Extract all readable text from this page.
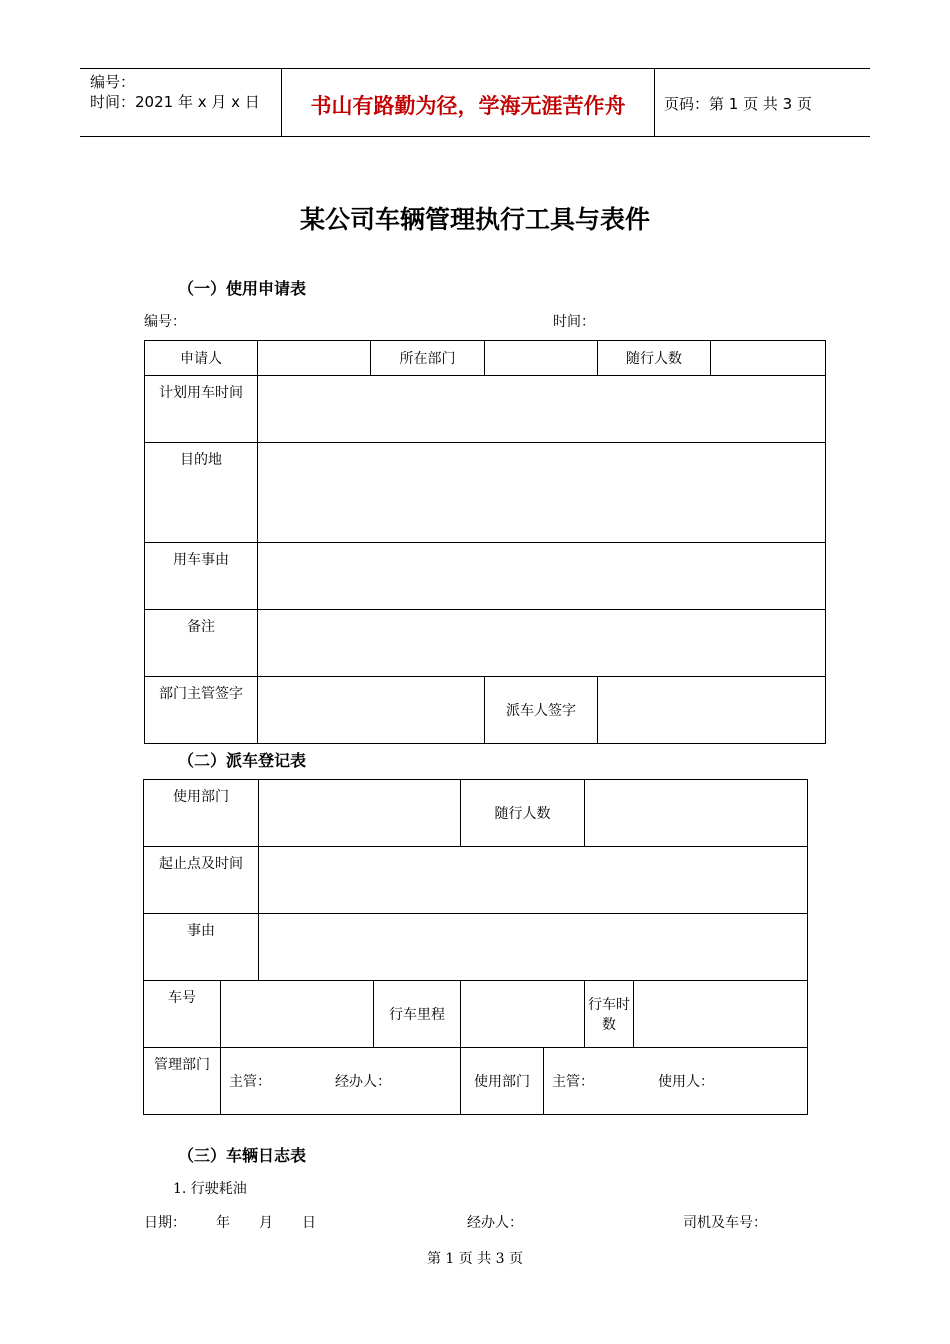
编号：
时间：2021 年 x 月 x 日	书山有路勤为径，学海无涯苦作舟	页码：第 1 页 共 3 页
某公司车辆管理执行工具与表件
（一）使用申请表
编号：	时间：
申请人		所在部门		随行人数	
计划用车时间					
目的地					
用车事由					
备注					
部门主管签字			派车人签字		
（二）派车登记表
使用部门				随行人数			
起止点及时间							
事由							
车号			行车里程			行车时数	
管理部门	主管： 经办人：			使用部门	主管： 使用人：		
（三）车辆日志表
1. 行驶耗油
日期： 年 月 日	经办人：	司机及车号：
第 1 页 共 3 页
